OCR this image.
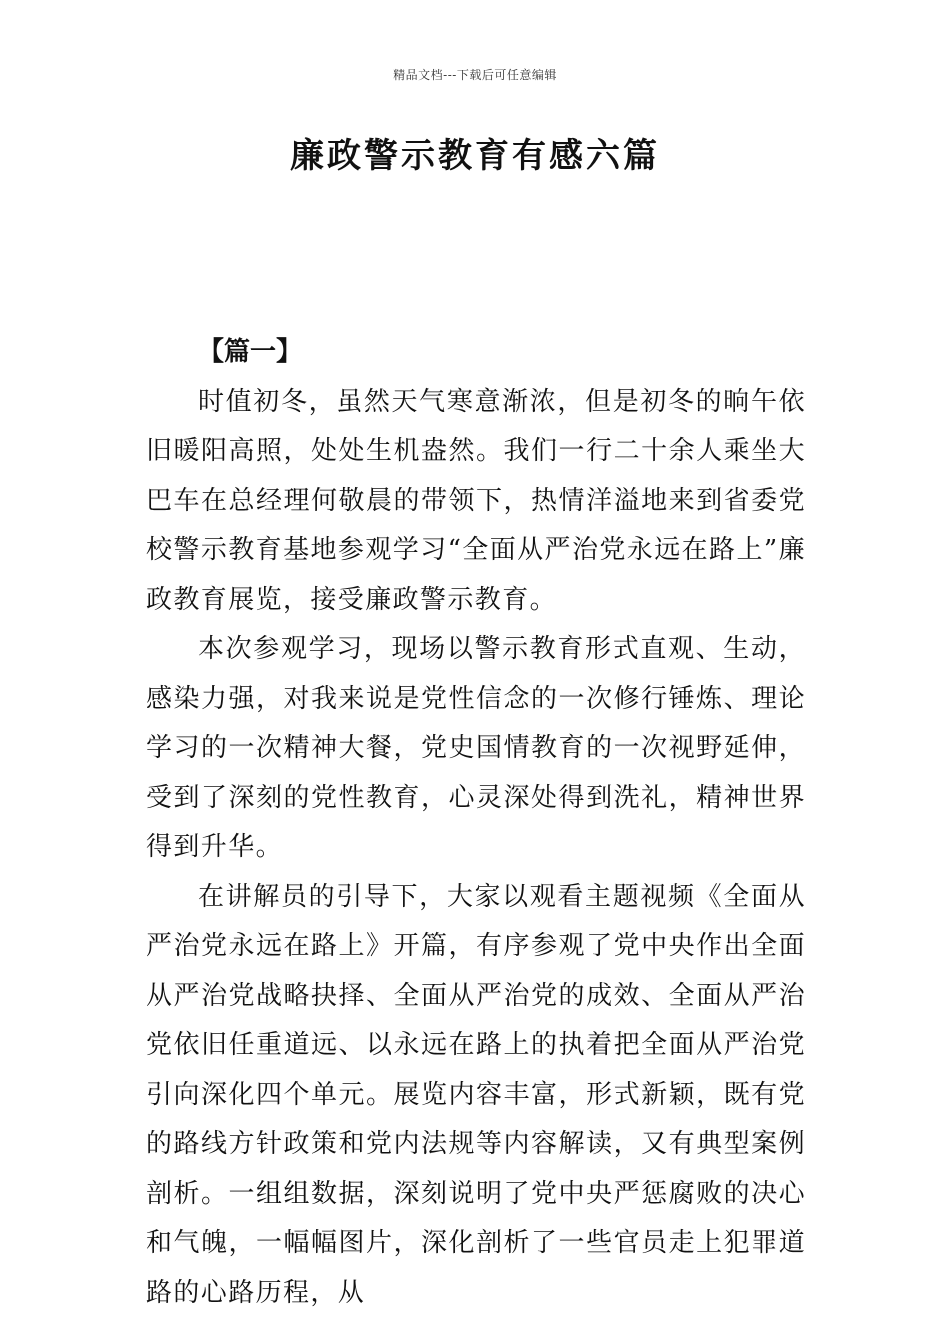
精品文档---下载后可任意编辑
廉政警示教育有感六篇

【篇一】

时值初冬，虽然天气寒意渐浓，但是初冬的晌午依旧暖阳高照，处处生机盎然。我们一行二十余人乘坐大巴车在总经理何敬晨的带领下，热情洋溢地来到省委党校警示教育基地参观学习“全面从严治党永远在路上”廉政教育展览，接受廉政警示教育。

本次参观学习，现场以警示教育形式直观、生动，感染力强，对我来说是党性信念的一次修行锤炼、理论学习的一次精神大餐，党史国情教育的一次视野延伸，受到了深刻的党性教育，心灵深处得到洗礼，精神世界得到升华。

在讲解员的引导下，大家以观看主题视频《全面从严治党永远在路上》开篇，有序参观了党中央作出全面从严治党战略抉择、全面从严治党的成效、全面从严治党依旧任重道远、以永远在路上的执着把全面从严治党引向深化四个单元。展览内容丰富，形式新颖，既有党的路线方针政策和党内法规等内容解读，又有典型案例剖析。一组组数据，深刻说明了党中央严惩腐败的决心和气魄，一幅幅图片，深化剖析了一些官员走上犯罪道路的心路历程，从
